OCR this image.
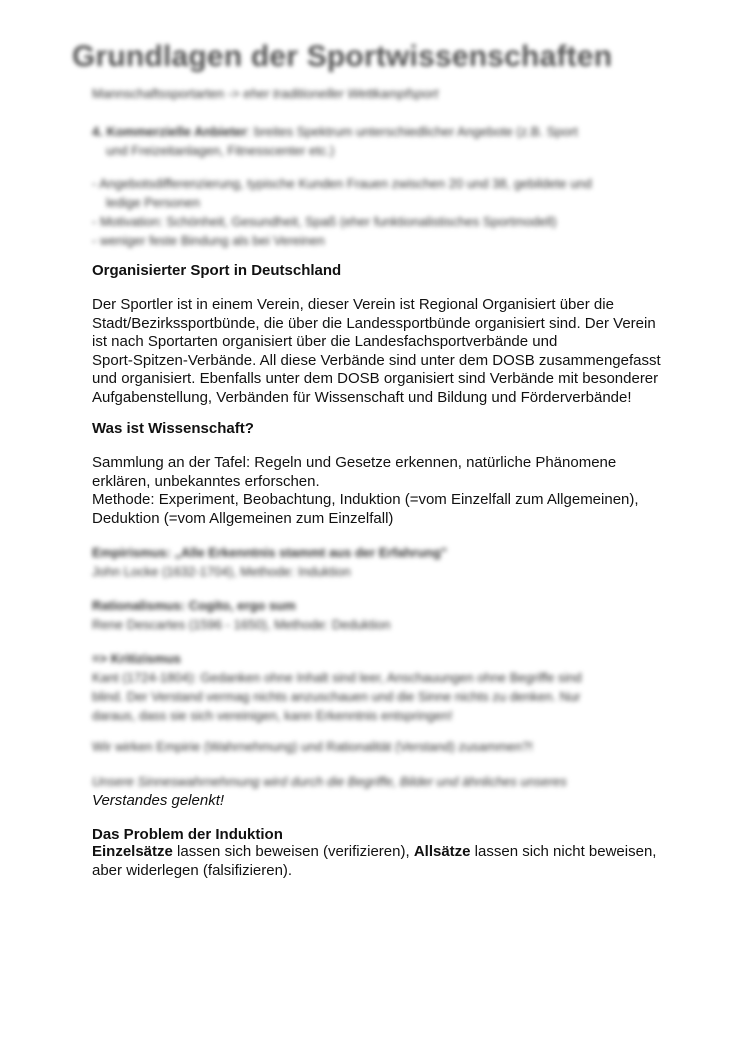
Grundlagen der Sportwissenschaften
Mannschaftssportarten -> eher traditioneller Wettkampfsport
4. Kommerzielle Anbieter: breites Spektrum unterschiedlicher Angebote (z.B. Sport
und Freizeitanlagen, Fitnesscenter etc.)
- Angebotsdifferenzierung, typische Kunden Frauen zwischen 20 und 38, gebildete und
ledige Personen
- Motivation: Schönheit, Gesundheit, Spaß (eher funktionalistisches Sportmodell)
- weniger feste Bindung als bei Vereinen
Organisierter Sport in Deutschland
Der Sportler ist in einem Verein, dieser Verein ist Regional Organisiert über die
Stadt/Bezirkssportbünde, die über die Landessportbünde organisiert sind. Der Verein
ist nach Sportarten organisiert über die Landesfachsportverbände und
Sport-Spitzen-Verbände. All diese Verbände sind unter dem DOSB zusammengefasst
und organisiert. Ebenfalls unter dem DOSB organisiert sind Verbände mit besonderer
Aufgabenstellung, Verbänden für Wissenschaft und Bildung und Förderverbände!
Was ist Wissenschaft?
Sammlung an der Tafel: Regeln und Gesetze erkennen, natürliche Phänomene
erklären, unbekanntes erforschen.
Methode: Experiment, Beobachtung, Induktion (=vom Einzelfall zum Allgemeinen),
Deduktion (=vom Allgemeinen zum Einzelfall)
Empirismus: „Alle Erkenntnis stammt aus der Erfahrung"
John Locke (1632-1704), Methode: Induktion
Rationalismus: Cogito, ergo sum
Rene Descartes (1596 - 1650), Methode: Deduktion
=> Kritizismus
Kant (1724-1804): Gedanken ohne Inhalt sind leer, Anschauungen ohne Begriffe sind
blind. Der Verstand vermag nichts anzuschauen und die Sinne nichts zu denken. Nur
daraus, dass sie sich vereinigen, kann Erkenntnis entspringen!
Wir wirken Empirie (Wahrnehmung) und Rationalität (Verstand) zusammen?!
Unsere Sinneswahrnehmung wird durch die Begriffe, Bilder und ähnliches unseres
Verstandes gelenkt!
Das Problem der Induktion
Einzelsätze lassen sich beweisen (verifizieren), Allsätze lassen sich nicht beweisen,
aber widerlegen (falsifizieren).
